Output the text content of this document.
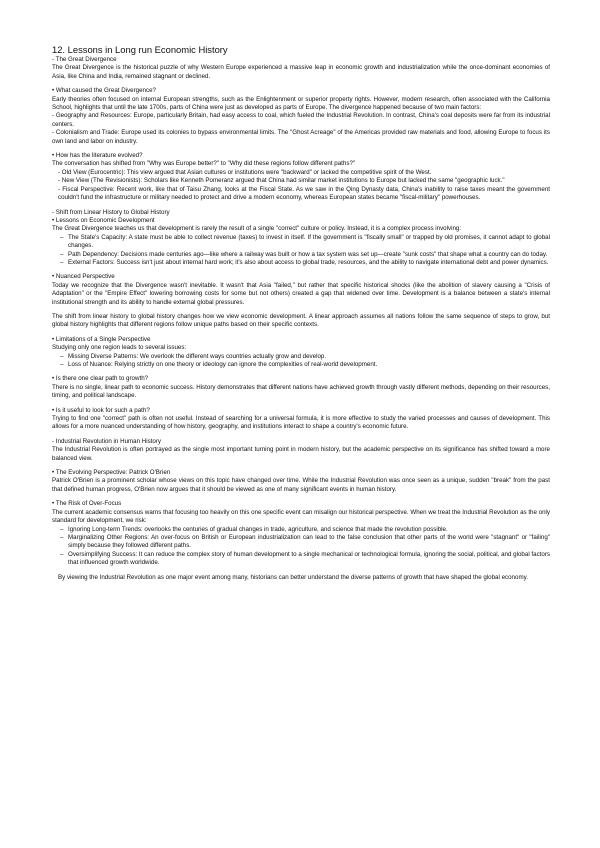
12. Lessons in Long run Economic History
- The Great Divergence

The Great Divergence is the historical puzzle of why Western Europe experienced a massive leap in economic growth and industrialization while the once-dominant economies of Asia, like China and India, remained stagnant or declined.

• What caused the Great Divergence?

Early theories often focused on internal European strengths, such as the Enlightenment or superior property rights. However, modern research, often associated with the California School, highlights that until the late 1700s, parts of China were just as developed as parts of Europe. The divergence happened because of two main factors:

- Geography and Resources: Europe, particularly Britain, had easy access to coal, which fueled the Industrial Revolution. In contrast, China's coal deposits were far from its industrial centers.

- Colonialism and Trade: Europe used its colonies to bypass environmental limits. The "Ghost Acreage" of the Americas provided raw materials and food, allowing Europe to focus its own land and labor on industry.

• How has the literature evolved?

The conversation has shifted from "Why was Europe better?" to "Why did these regions follow different paths?"

- Old View (Eurocentric): This view argued that Asian cultures or institutions were "backward" or lacked the competitive spirit of the West.

- New View (The Revisionists): Scholars like Kenneth Pomeranz argued that China had similar market institutions to Europe but lacked the same "geographic luck."

- Fiscal Perspective: Recent work, like that of Taisu Zhang, looks at the Fiscal State. As we saw in the Qing Dynasty data, China's inability to raise taxes meant the government couldn't fund the infrastructure or military needed to protect and drive a modern economy, whereas European states became "fiscal-military" powerhouses.

- Shift from Linear History to Global History
• Lessons on Economic Development

The Great Divergence teaches us that development is rarely the result of a single "correct" culture or policy. Instead, it is a complex process involving:

– The State's Capacity: A state must be able to collect revenue (taxes) to invest in itself. If the government is "fiscally small" or trapped by old promises, it cannot adapt to global changes.
– Path Dependency: Decisions made centuries ago—like where a railway was built or how a tax system was set up—create "sunk costs" that shape what a country can do today.
– External Factors: Success isn't just about internal hard work; it's also about access to global trade, resources, and the ability to navigate international debt and power dynamics.
• Nuanced Perspective

Today we recognize that the Divergence wasn't inevitable. It wasn't that Asia "failed," but rather that specific historical shocks (like the abolition of slavery causing a "Crisis of Adaptation" or the "Empire Effect" lowering borrowing costs for some but not others) created a gap that widened over time. Development is a balance between a state's internal institutional strength and its ability to handle external global pressures.

The shift from linear history to global history changes how we view economic development. A linear approach assumes all nations follow the same sequence of steps to grow, but global history highlights that different regions follow unique paths based on their specific contexts.

• Limitations of a Single Perspective

Studying only one region leads to several issues:

– Missing Diverse Patterns: We overlook the different ways countries actually grow and develop.
– Loss of Nuance: Relying strictly on one theory or ideology can ignore the complexities of real-world development.
• Is there one clear path to growth?

There is no single, linear path to economic success. History demonstrates that different nations have achieved growth through vastly different methods, depending on their resources, timing, and political landscape.

• Is it useful to look for such a path?

Trying to find one "correct" path is often not useful. Instead of searching for a universal formula, it is more effective to study the varied processes and causes of development. This allows for a more nuanced understanding of how history, geography, and institutions interact to shape a country's economic future.

- Industrial Revolution in Human History

The Industrial Revolution is often portrayed as the single most important turning point in modern history, but the academic perspective on its significance has shifted toward a more balanced view.

• The Evolving Perspective: Patrick O'Brien

Patrick O'Brien is a prominent scholar whose views on this topic have changed over time. While the Industrial Revolution was once seen as a unique, sudden "break" from the past that defined human progress, O'Brien now argues that it should be viewed as one of many significant events in human history.

• The Risk of Over-Focus

The current academic consensus warns that focusing too heavily on this one specific event can misalign our historical perspective. When we treat the Industrial Revolution as the only standard for development, we risk:

– Ignoring Long-term Trends: overlooks the centuries of gradual changes in trade, agriculture, and science that made the revolution possible.
– Marginalizing Other Regions: An over-focus on British or European industrialization can lead to the false conclusion that other parts of the world were "stagnant" or "failing" simply because they followed different paths.
– Oversimplifying Success: It can reduce the complex story of human development to a single mechanical or technological formula, ignoring the social, political, and global factors that influenced growth worldwide.

By viewing the Industrial Revolution as one major event among many, historians can better understand the diverse patterns of growth that have shaped the global economy.
